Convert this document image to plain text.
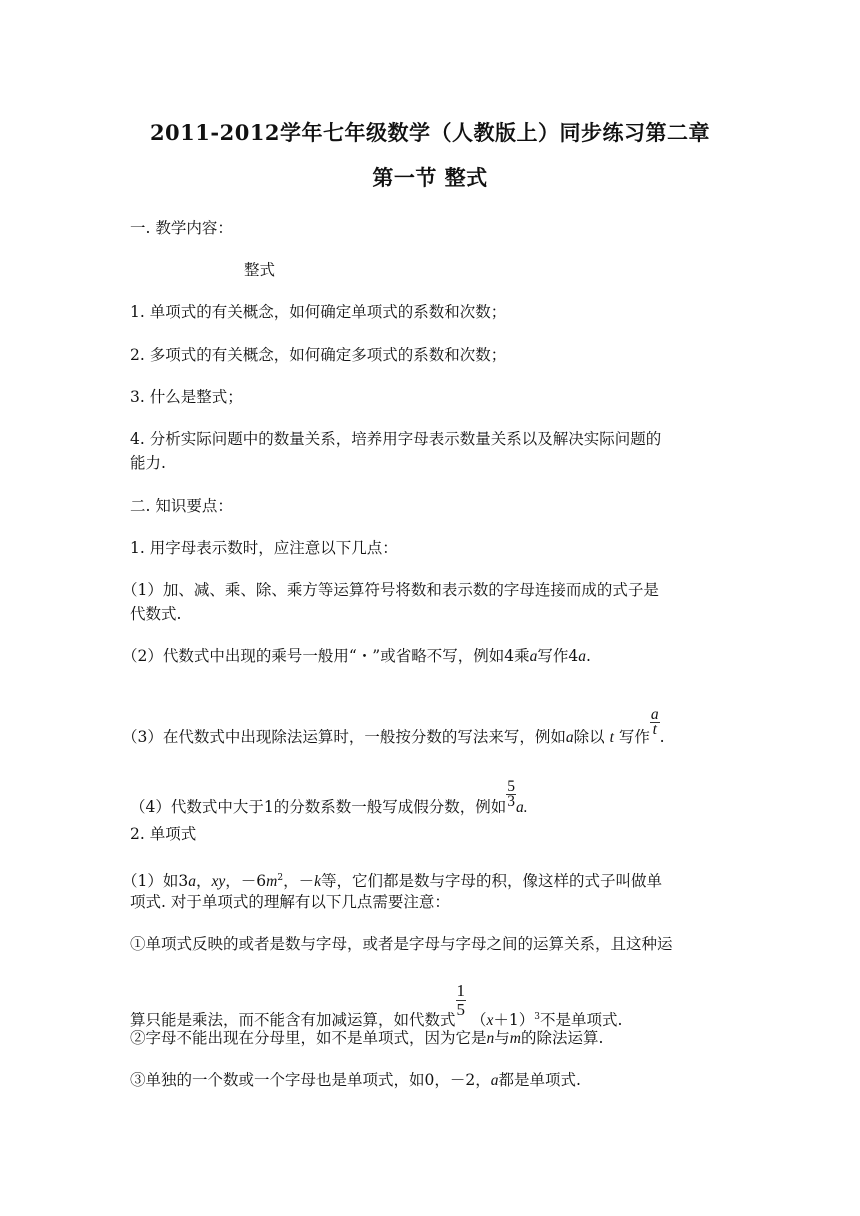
2011-2012学年七年级数学（人教版上）同步练习第二章
第一节 整式
一. 教学内容：
整式
1. 单项式的有关概念，如何确定单项式的系数和次数；
2. 多项式的有关概念，如何确定多项式的系数和次数；
3. 什么是整式；
4. 分析实际问题中的数量关系，培养用字母表示数量关系以及解决实际问题的
能力.
二. 知识要点：
1. 用字母表示数时，应注意以下几点：
（1）加、减、乘、除、乘方等运算符号将数和表示数的字母连接而成的式子是
代数式.
（2）代数式中出现的乘号一般用“・”或省略不写，例如4乘a写作4a.
（3）在代数式中出现除法运算时，一般按分数的写法来写，例如a除以 t 写作 $\frac{a}{t}$ .
（4）代数式中大于1的分数系数一般写成假分数，例如 $\frac{5}{3} a$.
2. 单项式
（1）如3a，xy，$-6m^2$，－k等，它们都是数与字母的积，像这样的式子叫做单
项式. 对于单项式的理解有以下几点需要注意：
①单项式反映的或者是数与字母，或者是字母与字母之间的运算关系，且这种运
算只能是乘法，而不能含有加减运算，如代数式
$\frac{1}{5}$
$(x+1)^3$不是单项式.
②字母不能出现在分母里，如不是单项式，因为它是n与m的除法运算.
③单独的一个数或一个字母也是单项式，如0，－2，a都是单项式.
